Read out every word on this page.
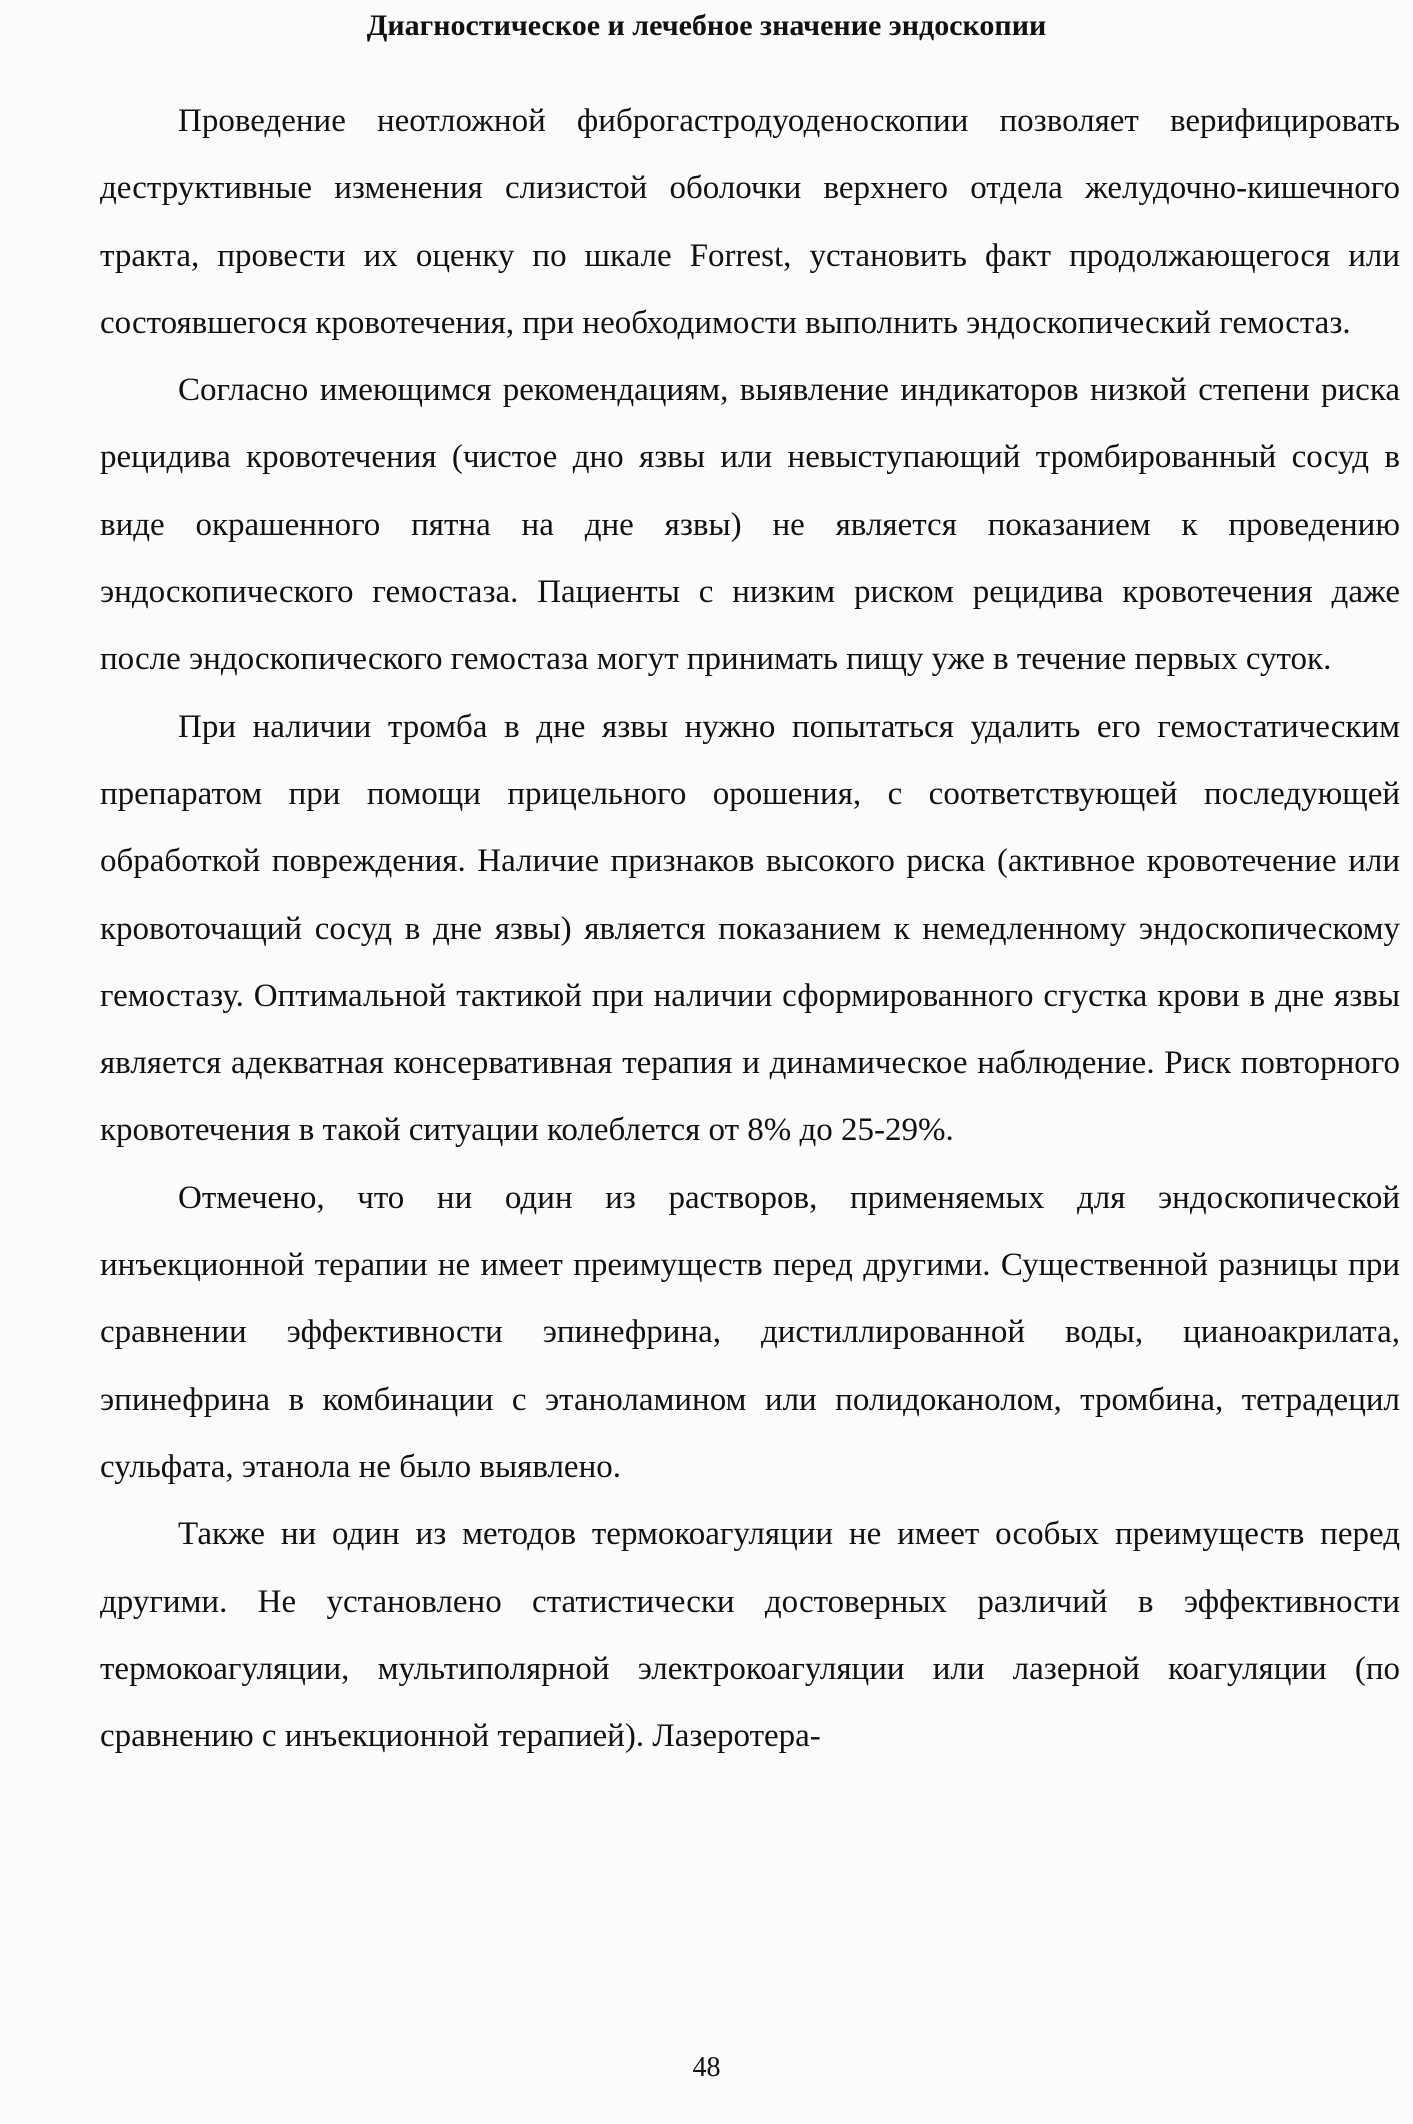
Диагностическое и лечебное значение эндоскопии

Проведение неотложной фиброгастродуоденоскопии позволяет верифицировать деструктивные изменения слизистой оболочки верхнего отдела желудочно-кишечного тракта, провести их оценку по шкале Forrest, установить факт продолжающегося или состоявшегося кровотечения, при необходимости выполнить эндоскопический гемостаз.

Согласно имеющимся рекомендациям, выявление индикаторов низкой степени риска рецидива кровотечения (чистое дно язвы или невыступающий тромбированный сосуд в виде окрашенного пятна на дне язвы) не является показанием к проведению эндоскопического гемостаза. Пациенты с низким риском рецидива кровотечения даже после эндоскопического гемостаза могут принимать пищу уже в течение первых суток.

При наличии тромба в дне язвы нужно попытаться удалить его гемостатическим препаратом при помощи прицельного орошения, с соответствующей последующей обработкой повреждения. Наличие признаков высокого риска (активное кровотечение или кровоточащий сосуд в дне язвы) является показанием к немедленному эндоскопическому гемостазу. Оптимальной тактикой при наличии сформированного сгустка крови в дне язвы является адекватная консервативная терапия и динамическое наблюдение. Риск повторного кровотечения в такой ситуации колеблется от 8% до 25-29%.

Отмечено, что ни один из растворов, применяемых для эндоскопической инъекционной терапии не имеет преимуществ перед другими. Существенной разницы при сравнении эффективности эпинефрина, дистиллированной воды, цианоакрилата, эпинефрина в комбинации с этаноламином или полидоканолом, тромбина, тетрадецил сульфата, этанола не было выявлено.

Также ни один из методов термокоагуляции не имеет особых преимуществ перед другими. Не установлено статистически достоверных различий в эффективности термокоагуляции, мультиполярной электрокоагуляции или лазерной коагуляции (по сравнению с инъекционной терапией). Лазеротера-

48
